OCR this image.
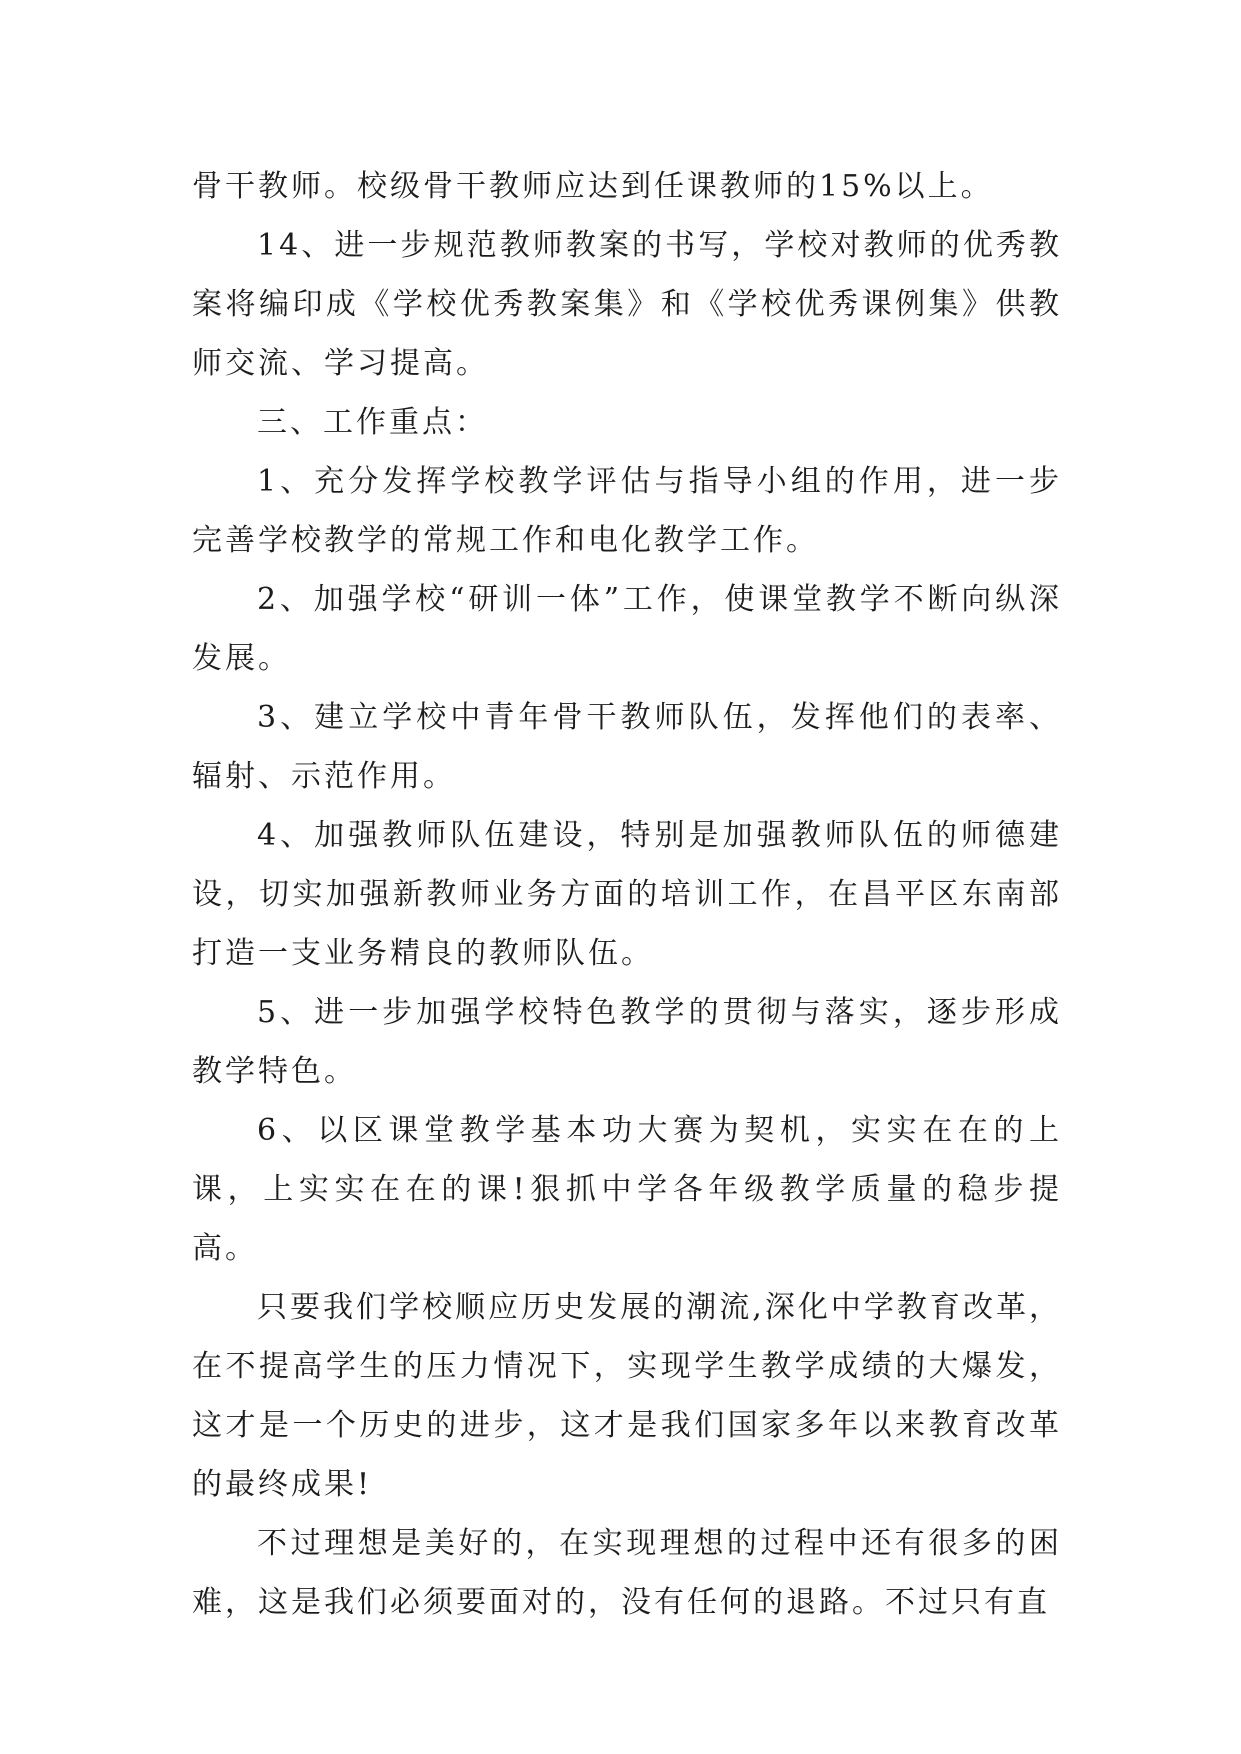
骨干教师。校级骨干教师应达到任课教师的15%以上。

14、进一步规范教师教案的书写，学校对教师的优秀教案将编印成《学校优秀教案集》和《学校优秀课例集》供教师交流、学习提高。

三、工作重点：

1、充分发挥学校教学评估与指导小组的作用，进一步完善学校教学的常规工作和电化教学工作。

2、加强学校“研训一体”工作，使课堂教学不断向纵深发展。

3、建立学校中青年骨干教师队伍，发挥他们的表率、辐射、示范作用。

4、加强教师队伍建设，特别是加强教师队伍的师德建设，切实加强新教师业务方面的培训工作，在昌平区东南部打造一支业务精良的教师队伍。

5、进一步加强学校特色教学的贯彻与落实，逐步形成教学特色。

6、以区课堂教学基本功大赛为契机，实实在在的上课，上实实在在的课!狠抓中学各年级教学质量的稳步提高。

只要我们学校顺应历史发展的潮流,深化中学教育改革，在不提高学生的压力情况下，实现学生教学成绩的大爆发，这才是一个历史的进步，这才是我们国家多年以来教育改革的最终成果!

不过理想是美好的，在实现理想的过程中还有很多的困难，这是我们必须要面对的，没有任何的退路。不过只有直
